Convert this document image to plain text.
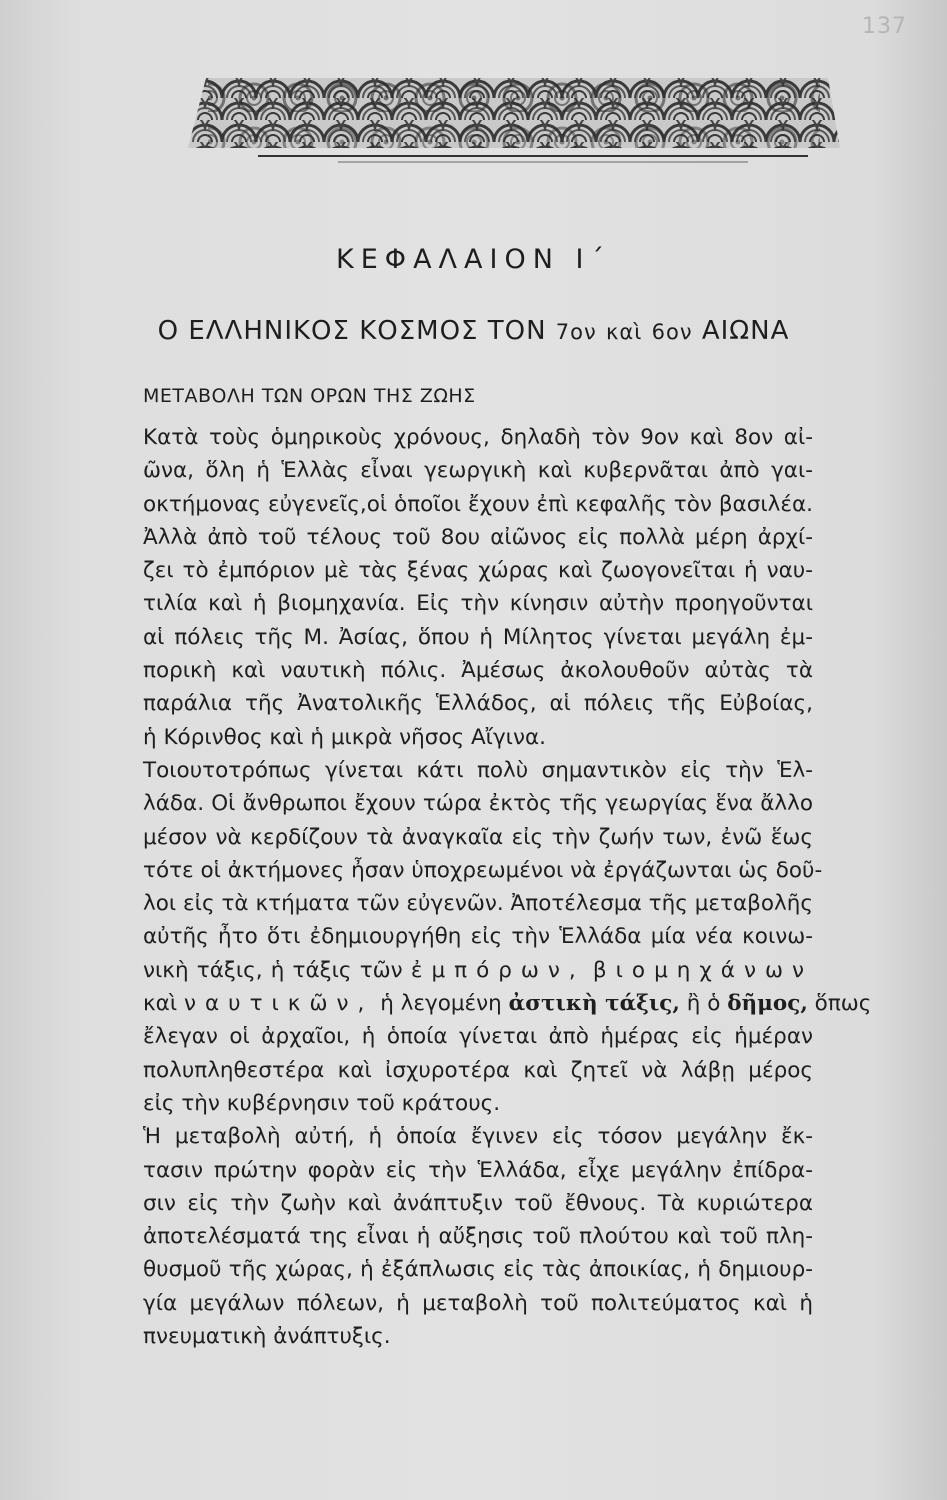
137
ΚΕΦΑΛΑΙΟΝ Ι΄
Ο ΕΛΛΗΝΙΚΟΣ ΚΟΣΜΟΣ ΤΟΝ 7ον καὶ 6ον ΑΙΩΝΑ
ΜΕΤΑΒΟΛΗ ΤΩΝ ΟΡΩΝ ΤΗΣ ΖΩΗΣ
Κατὰ τοὺς ὁμηρικοὺς χρόνους, δηλαδὴ τὸν 9ον καὶ 8ον αἰ-
ῶνα, ὅλη ἡ Ἑλλὰς εἶναι γεωργικὴ καὶ κυβερνᾶται ἀπὸ γαι-
οκτήμονας εὐγενεῖς,οἱ ὁποῖοι ἔχουν ἐπὶ κεφαλῆς τὸν βασιλέα.
Ἀλλὰ ἀπὸ τοῦ τέλους τοῦ 8ου αἰῶνος εἰς πολλὰ μέρη ἀρχί-
ζει τὸ ἐμπόριον μὲ τὰς ξένας χώρας καὶ ζωογονεῖται ἡ ναυ-
τιλία καὶ ἡ βιομηχανία. Εἰς τὴν κίνησιν αὐτὴν προηγοῦνται
αἱ πόλεις τῆς Μ. Ἀσίας, ὅπου ἡ Μίλητος γίνεται μεγάλη ἐμ-
πορικὴ καὶ ναυτικὴ πόλις. Ἀμέσως ἀκολουθοῦν αὐτὰς τὰ
παράλια τῆς Ἀνατολικῆς Ἑλλάδος, αἱ πόλεις τῆς Εὐβοίας,
ἡ Κόρινθος καὶ ἡ μικρὰ νῆσος Αἴγινα.
Τοιουτοτρόπως γίνεται κάτι πολὺ σημαντικὸν εἰς τὴν Ἑλ-
λάδα. Οἱ ἄνθρωποι ἔχουν τώρα ἐκτὸς τῆς γεωργίας ἕνα ἄλλο
μέσον νὰ κερδίζουν τὰ ἀναγκαῖα εἰς τὴν ζωήν των, ἐνῶ ἕως
τότε οἱ ἀκτήμονες ἦσαν ὑποχρεωμένοι νὰ ἐργάζωνται ὡς δοῦ-
λοι εἰς τὰ κτήματα τῶν εὐγενῶν. Ἀποτέλεσμα τῆς μεταβολῆς
αὐτῆς ἦτο ὅτι ἐδημιουργήθη εἰς τὴν Ἑλλάδα μία νέα κοινω-
νικὴ τάξις, ἡ τάξις τῶν ἐμπόρων, βιομηχάνων
καὶ ναυτικῶν, ἡ λεγομένη ἀστικὴ τάξις, ἢ ὁ δῆμος, ὅπως
ἔλεγαν οἱ ἀρχαῖοι, ἡ ὁποία γίνεται ἀπὸ ἡμέρας εἰς ἡμέραν
πολυπληθεστέρα καὶ ἰσχυροτέρα καὶ ζητεῖ νὰ λάβῃ μέρος
εἰς τὴν κυβέρνησιν τοῦ κράτους.
Ἡ μεταβολὴ αὐτή, ἡ ὁποία ἔγινεν εἰς τόσον μεγάλην ἔκ-
τασιν πρώτην φορὰν εἰς τὴν Ἑλλάδα, εἶχε μεγάλην ἐπίδρα-
σιν εἰς τὴν ζωὴν καὶ ἀνάπτυξιν τοῦ ἔθνους. Τὰ κυριώτερα
ἀποτελέσματά της εἶναι ἡ αὔξησις τοῦ πλούτου καὶ τοῦ πλη-
θυσμοῦ τῆς χώρας, ἡ ἐξάπλωσις εἰς τὰς ἀποικίας, ἡ δημιουρ-
γία μεγάλων πόλεων, ἡ μεταβολὴ τοῦ πολιτεύματος καὶ ἡ
πνευματικὴ ἀνάπτυξις.
